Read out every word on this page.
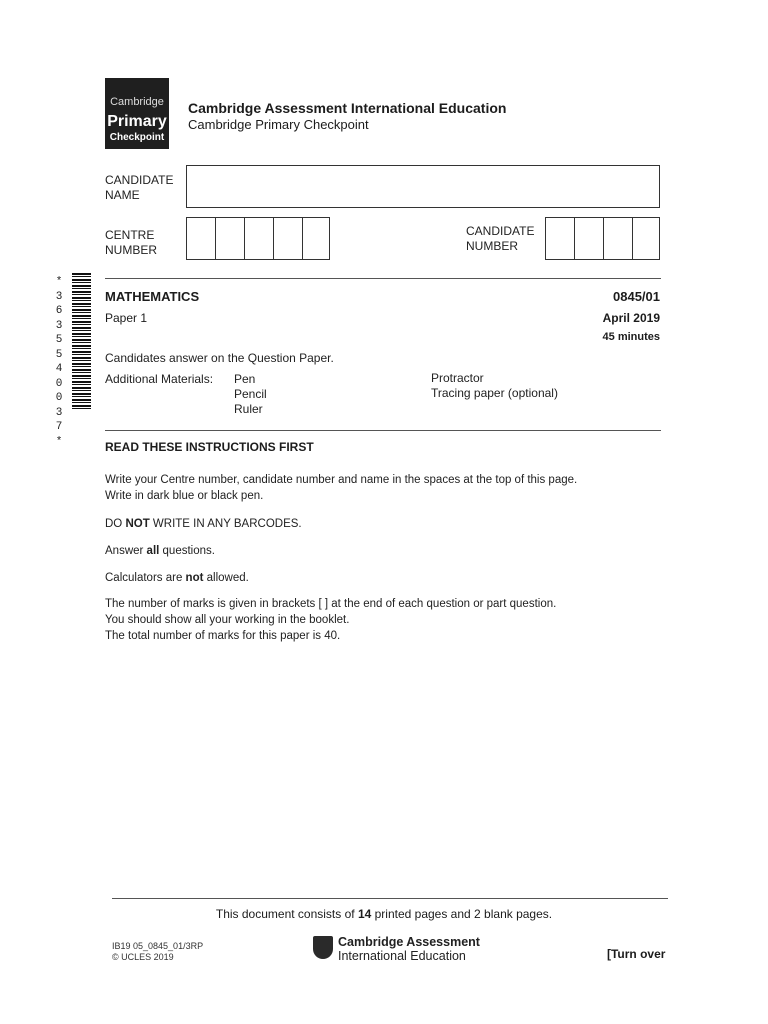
Cambridge
Primary
Checkpoint
Cambridge Assessment International Education
Cambridge Primary Checkpoint
CANDIDATE
NAME
CENTRE
NUMBER
CANDIDATE
NUMBER
*
3
6
3
5
5
4
0
0
3
7
*
MATHEMATICS
Paper 1
0845/01
April 2019
45 minutes
Candidates answer on the Question Paper.
Additional Materials: Pen
Pencil
Ruler
Protractor
Tracing paper (optional)
READ THESE INSTRUCTIONS FIRST
Write your Centre number, candidate number and name in the spaces at the top of this page.
Write in dark blue or black pen.
DO NOT WRITE IN ANY BARCODES.
Answer all questions.
Calculators are not allowed.
The number of marks is given in brackets [ ] at the end of each question or part question.
You should show all your working in the booklet.
The total number of marks for this paper is 40.
This document consists of 14 printed pages and 2 blank pages.
IB19 05_0845_01/3RP
© UCLES 2019
Cambridge Assessment
International Education	[Turn over
